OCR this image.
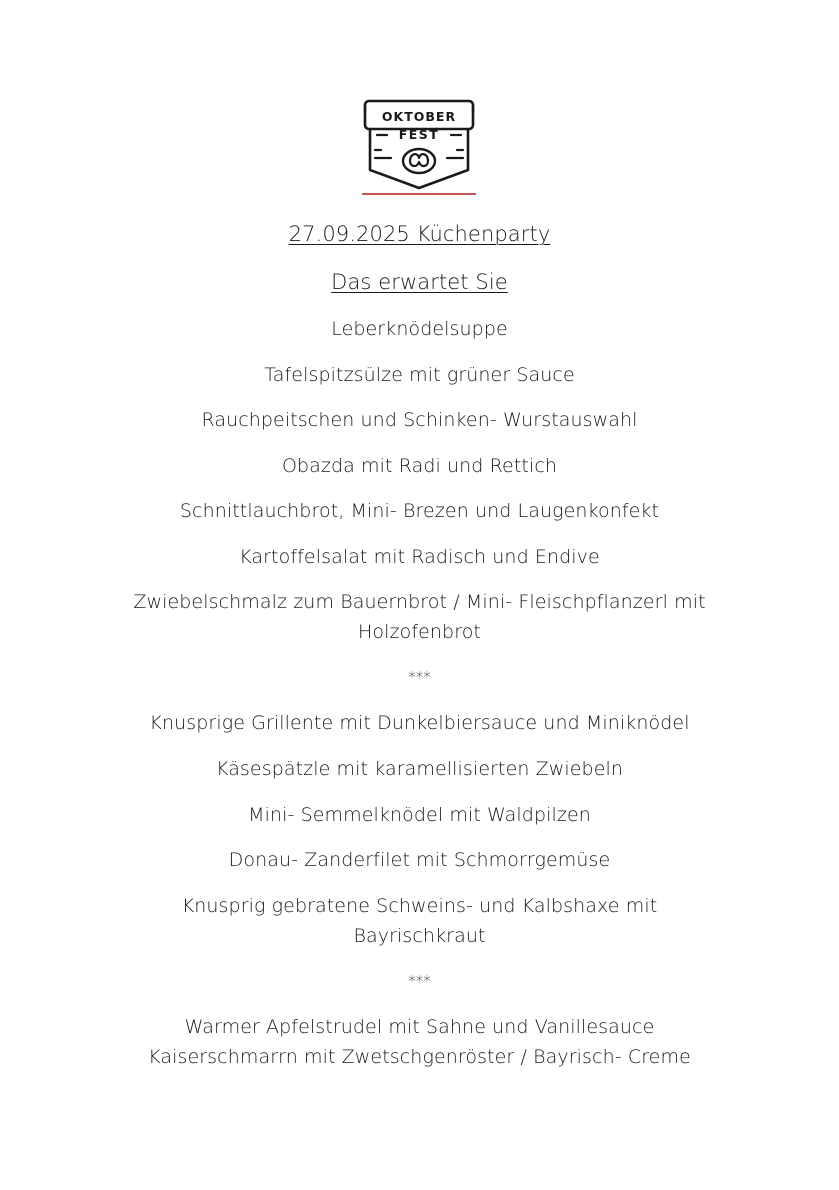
OKTOBER
FEST
27.09.2025 Küchenparty
Das erwartet Sie
Leberknödelsuppe
Tafelspitzsülze mit grüner Sauce
Rauchpeitschen und Schinken- Wurstauswahl
Obazda mit Radi und Rettich
Schnittlauchbrot, Mini- Brezen und Laugenkonfekt
Kartoffelsalat mit Radisch und Endive
Zwiebelschmalz zum Bauernbrot / Mini- Fleischpflanzerl mit
Holzofenbrot
***
Knusprige Grillente mit Dunkelbiersauce und Miniknödel
Käsespätzle mit karamellisierten Zwiebeln
Mini- Semmelknödel mit Waldpilzen
Donau- Zanderfilet mit Schmorrgemüse
Knusprig gebratene Schweins- und Kalbshaxe mit
Bayrischkraut
***
Warmer Apfelstrudel mit Sahne und Vanillesauce
Kaiserschmarrn mit Zwetschgenröster / Bayrisch- Creme
